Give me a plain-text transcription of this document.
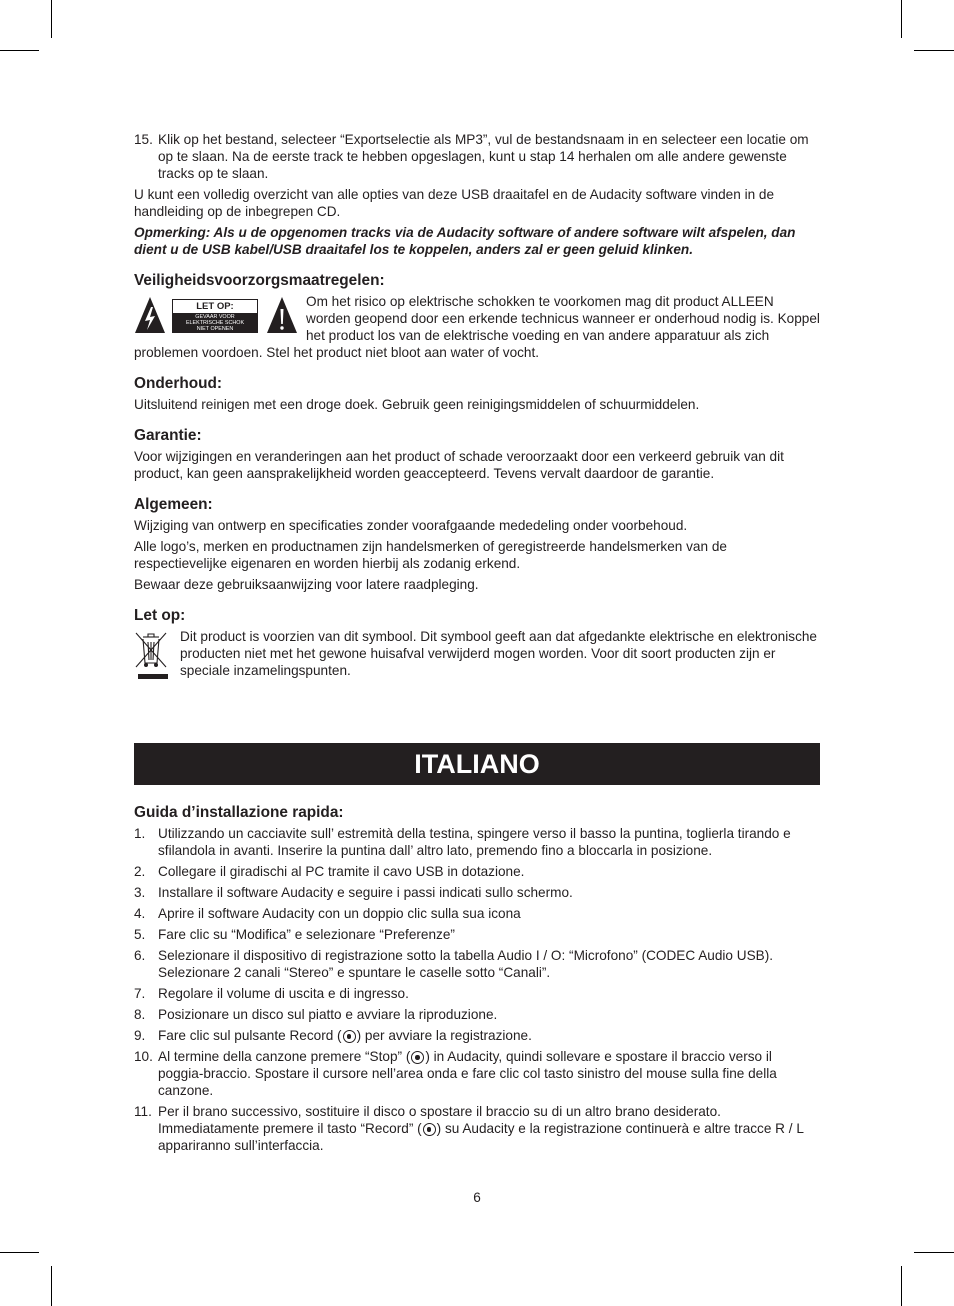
15. Klik op het bestand, selecteer “Exportselectie als MP3”, vul de bestandsnaam in en selecteer een locatie om op te slaan. Na de eerste track te hebben opgeslagen, kunt u stap 14 herhalen om alle andere gewenste tracks op te slaan.

U kunt een volledig overzicht van alle opties van deze USB draaitafel en de Audacity software vinden in de handleiding op de inbegrepen CD.

Opmerking: Als u de opgenomen tracks via de Audacity software of andere software wilt afspelen, dan dient u de USB kabel/USB draaitafel los te koppelen, anders zal er geen geluid klinken.

Veiligheidsvoorzorgsmaatregelen:
LET OP:
GEVAAR VOOR
ELEKTRISCHE SCHOK
NIET OPENEN

Om het risico op elektrische schokken te voorkomen mag dit product ALLEEN worden geopend door een erkende technicus wanneer er onderhoud nodig is. Koppel het product los van de elektrische voeding en van andere apparatuur als zich problemen voordoen. Stel het product niet bloot aan water of vocht.

Onderhoud:

Uitsluitend reinigen met een droge doek. Gebruik geen reinigingsmiddelen of schuurmiddelen.

Garantie:

Voor wijzigingen en veranderingen aan het product of schade veroorzaakt door een verkeerd gebruik van dit product, kan geen aansprakelijkheid worden geaccepteerd. Tevens vervalt daardoor de garantie.

Algemeen:

Wijziging van ontwerp en specificaties zonder voorafgaande mededeling onder voorbehoud.

Alle logo’s, merken en productnamen zijn handelsmerken of geregistreerde handelsmerken van de respectievelijke eigenaren en worden hierbij als zodanig erkend.

Bewaar deze gebruiksaanwijzing voor latere raadpleging.

Let op:

Dit product is voorzien van dit symbool. Dit symbool geeft aan dat afgedankte elektrische en elektronische producten niet met het gewone huisafval verwijderd mogen worden. Voor dit soort producten zijn er speciale inzamelingspunten.

ITALIANO
Guida d’installazione rapida:
1. Utilizzando un cacciavite sull’ estremità della testina, spingere verso il basso la puntina, toglierla tirando e sfilandola in avanti. Inserire la puntina dall’ altro lato, premendo fino a bloccarla in posizione.

2. Collegare il giradischi al PC tramite il cavo USB in dotazione.

3. Installare il software Audacity e seguire i passi indicati sullo schermo.

4. Aprire il software Audacity con un doppio clic sulla sua icona

5. Fare clic su “Modifica” e selezionare “Preferenze”

6. Selezionare il dispositivo di registrazione sotto la tabella Audio I / O: “Microfono” (CODEC Audio USB). Selezionare 2 canali “Stereo” e spuntare le caselle sotto “Canali”.

7. Regolare il volume di uscita e di ingresso.

8. Posizionare un disco sul piatto e avviare la riproduzione.

9. Fare clic sul pulsante Record ( ) per avviare la registrazione.

10. Al termine della canzone premere “Stop” ( ) in Audacity, quindi sollevare e spostare il braccio verso il poggia-braccio. Spostare il cursore nell’area onda e fare clic col tasto sinistro del mouse sulla fine della canzone.

11. Per il brano successivo, sostituire il disco o spostare il braccio su di un altro brano desiderato. Immediatamente premere il tasto “Record” ( ) su Audacity e la registrazione continuerà e altre tracce R / L appariranno sull’interfaccia.

6
